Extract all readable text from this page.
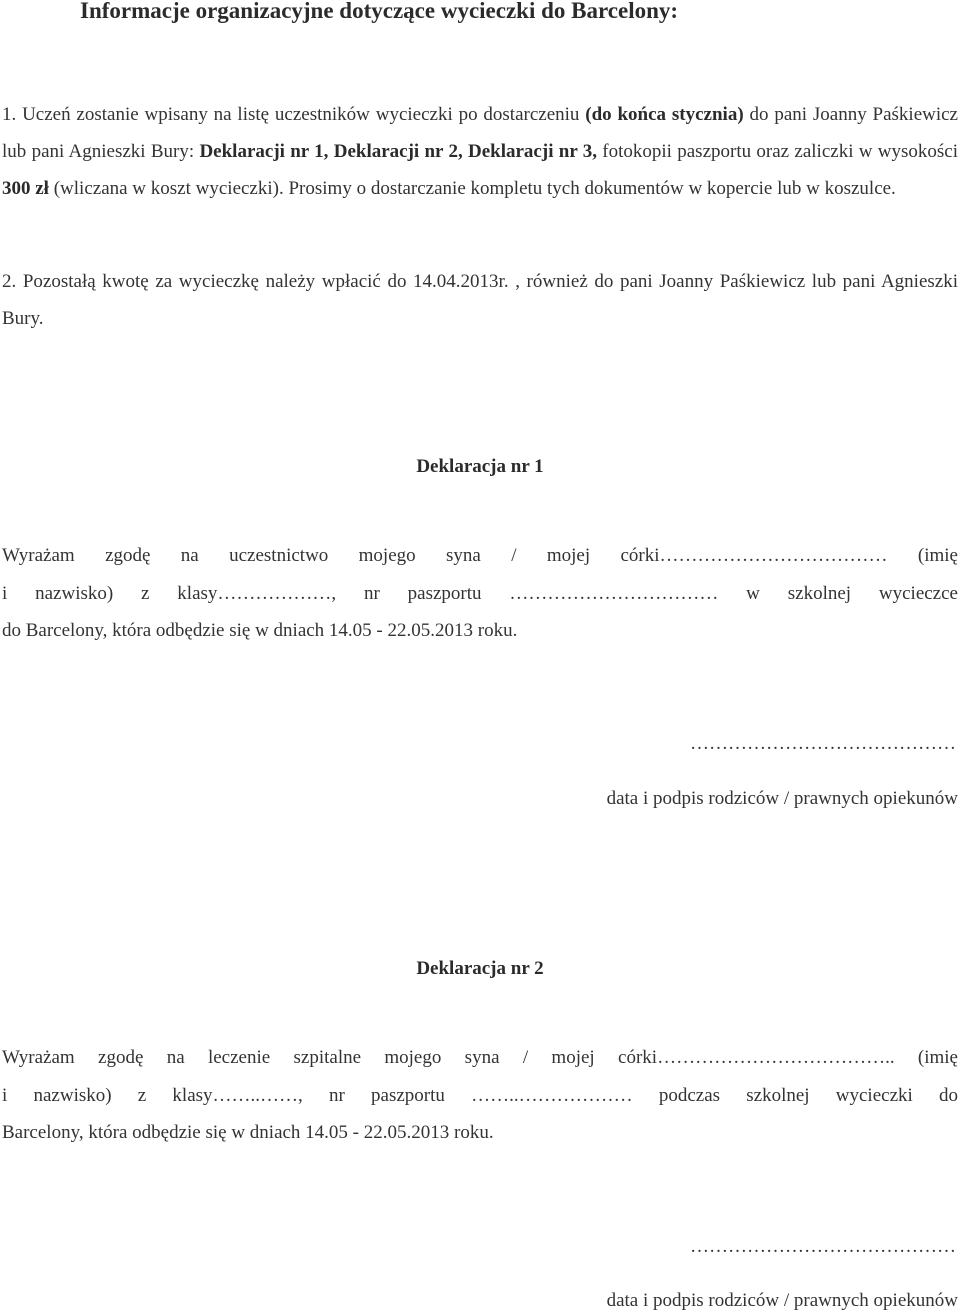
Informacje organizacyjne dotyczące wycieczki do Barcelony:

1. Uczeń zostanie wpisany na listę uczestników wycieczki po dostarczeniu (do końca stycznia) do pani Joanny Paśkiewicz lub pani Agnieszki Bury: Deklaracji nr 1, Deklaracji nr 2, Deklaracji nr 3, fotokopii paszportu oraz zaliczki w wysokości 300 zł (wliczana w koszt wycieczki). Prosimy o dostarczanie kompletu tych dokumentów w kopercie lub w koszulce.

2. Pozostałą kwotę za wycieczkę należy wpłacić do 14.04.2013r. , również do pani Joanny Paśkiewicz lub pani Agnieszki Bury.

Deklaracja nr 1

Wyrażam zgodę na uczestnictwo mojego syna / mojej córki……………………………… (imię

i nazwisko) z klasy………………, nr paszportu …………………………… w szkolnej wycieczce

do Barcelony, która odbędzie się w dniach 14.05 - 22.05.2013 roku.

……………………………………

data i podpis rodziców / prawnych opiekunów

Deklaracja nr 2

Wyrażam zgodę na leczenie szpitalne mojego syna / mojej córki……………………………….. (imię

i nazwisko) z klasy……..……, nr paszportu ……..……………… podczas szkolnej wycieczki do

Barcelony, która odbędzie się w dniach 14.05 - 22.05.2013 roku.

……………………………………

data i podpis rodziców / prawnych opiekunów
